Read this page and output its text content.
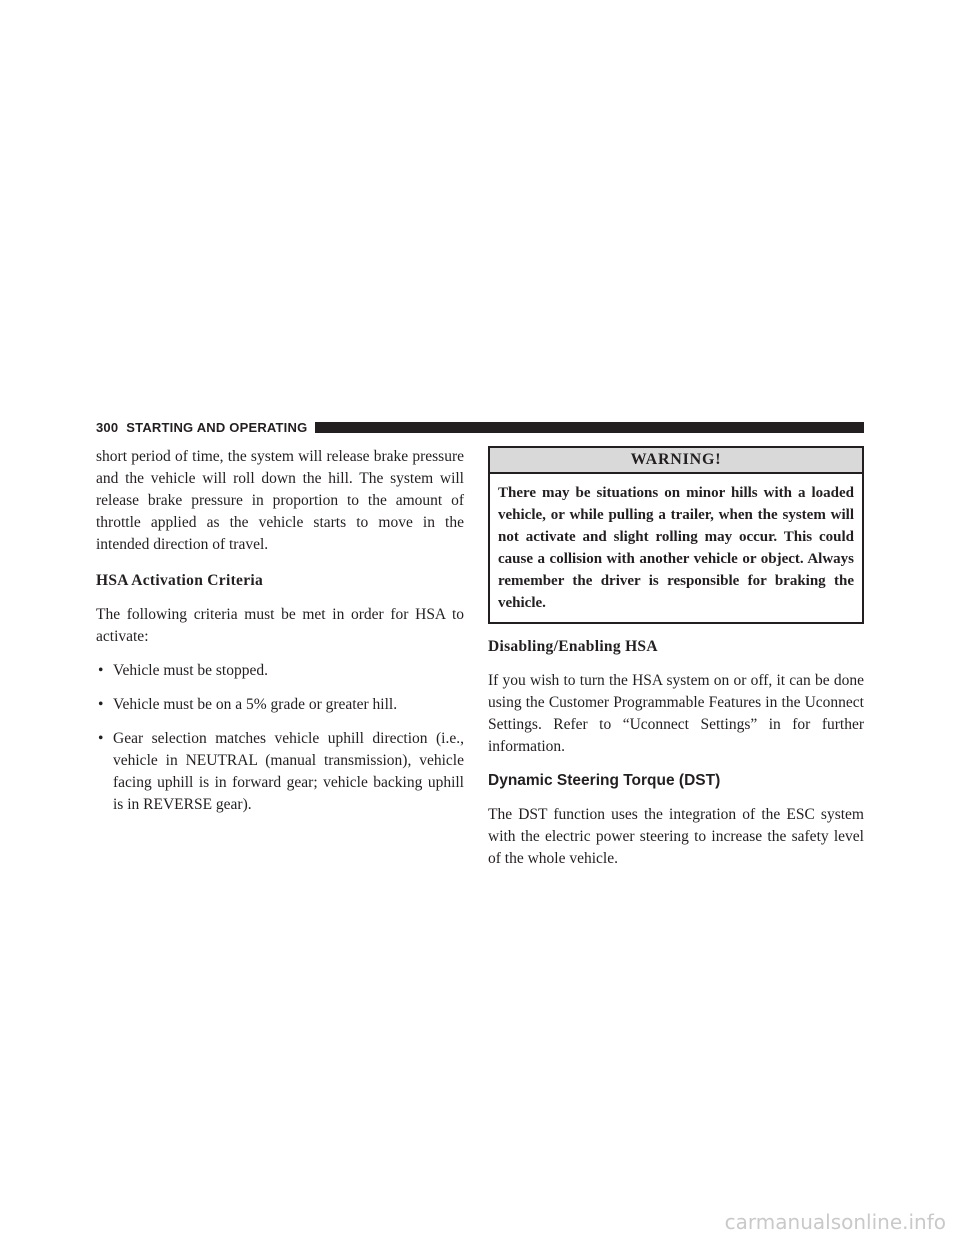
300 STARTING AND OPERATING

short period of time, the system will release brake pressure and the vehicle will roll down the hill. The system will release brake pressure in proportion to the amount of throttle applied as the vehicle starts to move in the intended direction of travel.

HSA Activation Criteria

The following criteria must be met in order for HSA to activate:

• Vehicle must be stopped.
• Vehicle must be on a 5% grade or greater hill.
• Gear selection matches vehicle uphill direction (i.e., vehicle in NEUTRAL (manual transmission), vehicle facing uphill is in forward gear; vehicle backing uphill is in REVERSE gear).
WARNING!
There may be situations on minor hills with a loaded vehicle, or while pulling a trailer, when the system will not activate and slight rolling may occur. This could cause a collision with another vehicle or object. Always remember the driver is responsible for braking the vehicle.
Disabling/Enabling HSA

If you wish to turn the HSA system on or off, it can be done using the Customer Programmable Features in the Uconnect Settings. Refer to “Uconnect Settings” in for further information.

Dynamic Steering Torque (DST)

The DST function uses the integration of the ESC system with the electric power steering to increase the safety level of the whole vehicle.

carmanualsonline.info
